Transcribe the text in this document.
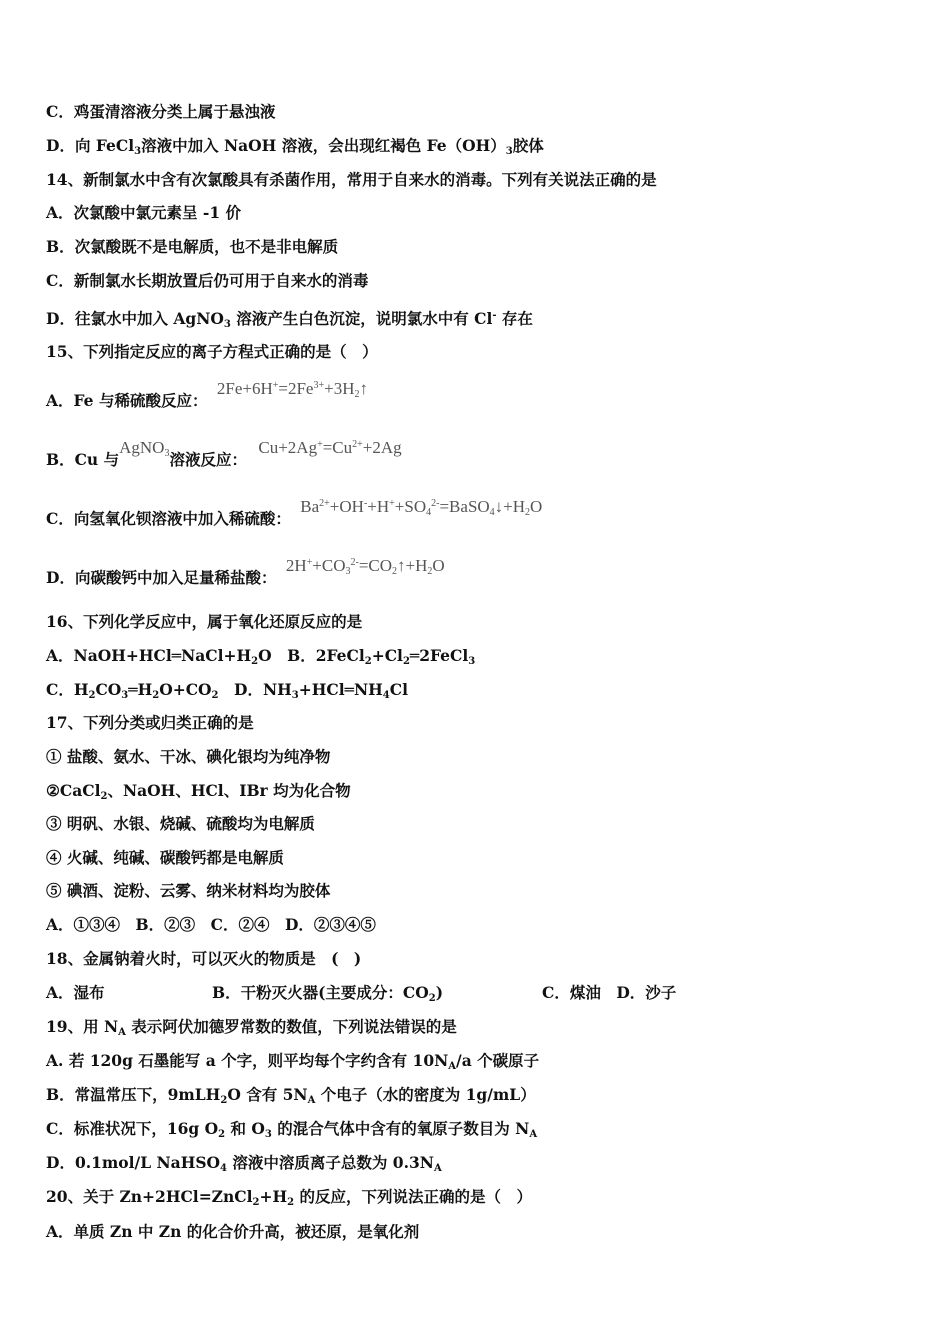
C．鸡蛋清溶液分类上属于悬浊液
D．向 FeCl$_3$溶液中加入 NaOH 溶液，会出现红褐色 $Fe(OH)_3$胶体
14、新制氯水中含有次氯酸具有杀菌作用，常用于自来水的消毒。下列有关说法正确的是
A．次氯酸中氯元素呈 -1 价
B．次氯酸既不是电解质，也不是非电解质
C．新制氯水长期放置后仍可用于自来水的消毒
D．往氯水中加入 AgNO$_3$ 溶液产生白色沉淀，说明氯水中有 Cl- 存在
15、下列指定反应的离子方程式正确的是（　）
A．Fe 与稀硫酸反应： $2Fe+6H^+=2Fe^{3+}+3H_2↑$
B．Cu 与AgNO$_3$溶液反应： $Cu+2Ag^+=Cu^{2+}+2Ag$
C．向氢氧化钡溶液中加入稀硫酸： $Ba^{2+}+OH^-+H^++SO_4^{2-}=BaSO_4↓+H_2O$
D．向碳酸钙中加入足量稀盐酸： $2H^++CO_3^{2-}=CO_2↑+H_2O$
16、下列化学反应中，属于氧化还原反应的是
A．$NaOH+HCl═NaCl+H_2O$　B．$2FeCl_2+Cl_2═2FeCl_3$
C．$H_2CO_3═H_2O+CO_2$　D．$NH_3+HCl═NH_4Cl$
17、下列分类或归类正确的是
① 盐酸、氨水、干冰、碘化银均为纯净物
②CaCl$_2$、NaOH、HCl、IBr 均为化合物
③ 明矾、水银、烧碱、硫酸均为电解质
④ 火碱、纯碱、碳酸钙都是电解质
⑤ 碘酒、淀粉、云雾、纳米材料均为胶体
A．①③④　B．②③　C．②④　D．②③④⑤
18、金属钠着火时，可以灭火的物质是　(　)
A．湿布	B．干粉灭火器(主要成分：$CO_2$)	C．煤油　D．沙子
19、用 $N_A$ 表示阿伏加德罗常数的数值，下列说法错误的是
A. 若 120g 石墨能写 a 个字，则平均每个字约含有 $10N_A/a$ 个碳原子
B．常温常压下，9mLH$_2$O 含有 $5N_A$ 个电子（水的密度为 1g/mL）
C．标准状况下，16g $O_2$ 和 $O_3$ 的混合气体中含有的氧原子数目为 $N_A$
D．0.1mol/L NaHSO$_4$ 溶液中溶质离子总数为 $0.3N_A$
20、关于 $Zn+2HCl=ZnCl_2+H_2$ 的反应，下列说法正确的是（　）
A．单质 Zn 中 Zn 的化合价升高，被还原，是氧化剂
